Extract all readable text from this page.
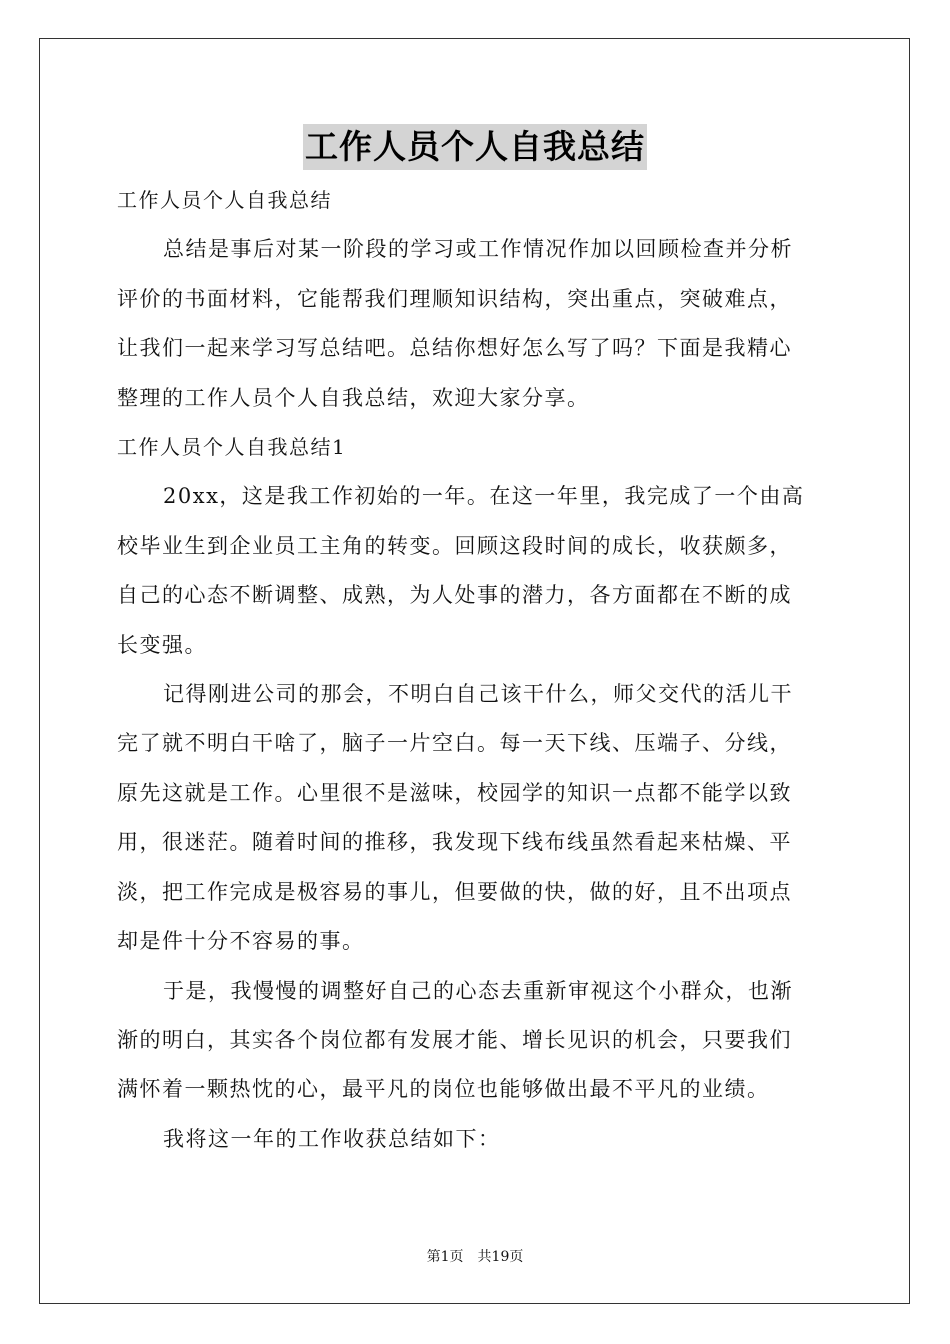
工作人员个人自我总结
工作人员个人自我总结
总结是事后对某一阶段的学习或工作情况作加以回顾检查并分析
评价的书面材料，它能帮我们理顺知识结构，突出重点，突破难点，
让我们一起来学习写总结吧。总结你想好怎么写了吗？下面是我精心
整理的工作人员个人自我总结，欢迎大家分享。
工作人员个人自我总结1
20xx，这是我工作初始的一年。在这一年里，我完成了一个由高
校毕业生到企业员工主角的转变。回顾这段时间的成长，收获颇多，
自己的心态不断调整、成熟，为人处事的潜力，各方面都在不断的成
长变强。
记得刚进公司的那会，不明白自己该干什么，师父交代的活儿干
完了就不明白干啥了，脑子一片空白。每一天下线、压端子、分线，
原先这就是工作。心里很不是滋味，校园学的知识一点都不能学以致
用，很迷茫。随着时间的推移，我发现下线布线虽然看起来枯燥、平
淡，把工作完成是极容易的事儿，但要做的快，做的好，且不出项点
却是件十分不容易的事。
于是，我慢慢的调整好自己的心态去重新审视这个小群众，也渐
渐的明白，其实各个岗位都有发展才能、增长见识的机会，只要我们
满怀着一颗热忱的心，最平凡的岗位也能够做出最不平凡的业绩。
我将这一年的工作收获总结如下：
第1页 共19页
